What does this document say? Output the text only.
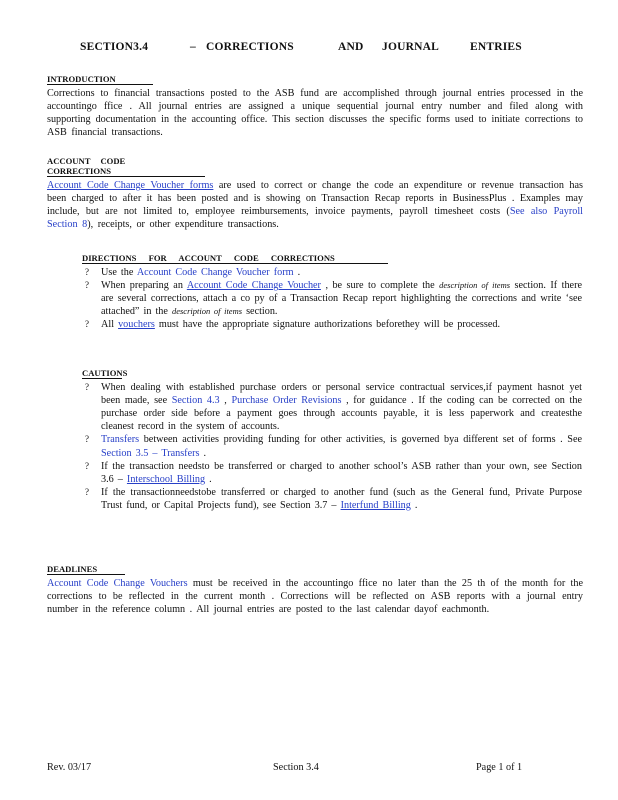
SECTION3.4	– CORRECTIONS	AND JOURNAL	ENTRIES
INTRODUCTION
Corrections to financial transactions posted to the ASB fund are accomplished through journal entries processed in the accountingo ffice . All journal entries are assigned a unique sequential journal entry number and filed along with supporting documentation in the accounting office. This section discusses the specific forms used to initiate corrections to ASB financial transactions.
ACCOUNT CODE CORRECTIONS
Account Code Change Voucher forms are used to correct or change the code an expenditure or revenue transaction has been charged to after it has been posted and is showing on Transaction Recap reports in BusinessPlus . Examples may include, but are not limited to, employee reimbursements, invoice payments, payroll timesheet costs (See also Payroll Section 8), receipts, or other expenditure transactions.
DIRECTIONS FOR ACCOUNT CODE CORRECTIONS
? Use the Account Code Change Voucher form .
? When preparing an Account Code Change Voucher , be sure to complete the description of items section. If there are several corrections, attach a co py of a Transaction Recap report highlighting the corrections and write ‘see attached” in the description of items section.
? All vouchers must have the appropriate signature authorizations beforethey will be processed.
CAUTIONS
? When dealing with established purchase orders or personal service contractual services,if payment hasnot yet been made, see Section 4.3 , Purchase Order Revisions , for guidance . If the coding can be corrected on the purchase order side before a payment goes through accounts payable, it is less paperwork and createsthe cleanest record in the system of accounts.
? Transfers between activities providing funding for other activities, is governed bya different set of forms . See Section 3.5 – Transfers .
? If the transaction needsto be transferred or charged to another school’s ASB rather than your own, see Section 3.6 – Interschool Billing .
? If the transactionneedstobe transferred or charged to another fund (such as the General fund, Private Purpose Trust fund, or Capital Projects fund), see Section 3.7 – Interfund Billing .
DEADLINES
Account Code Change Vouchers must be received in the accountingo ffice no later than the 25 th of the month for the corrections to be reflected in the current month . Corrections will be reflected on ASB reports with a journal entry number in the reference column . All journal entries are posted to the last calendar dayof eachmonth.
Rev. 03/17	Section 3.4	Page 1 of 1
